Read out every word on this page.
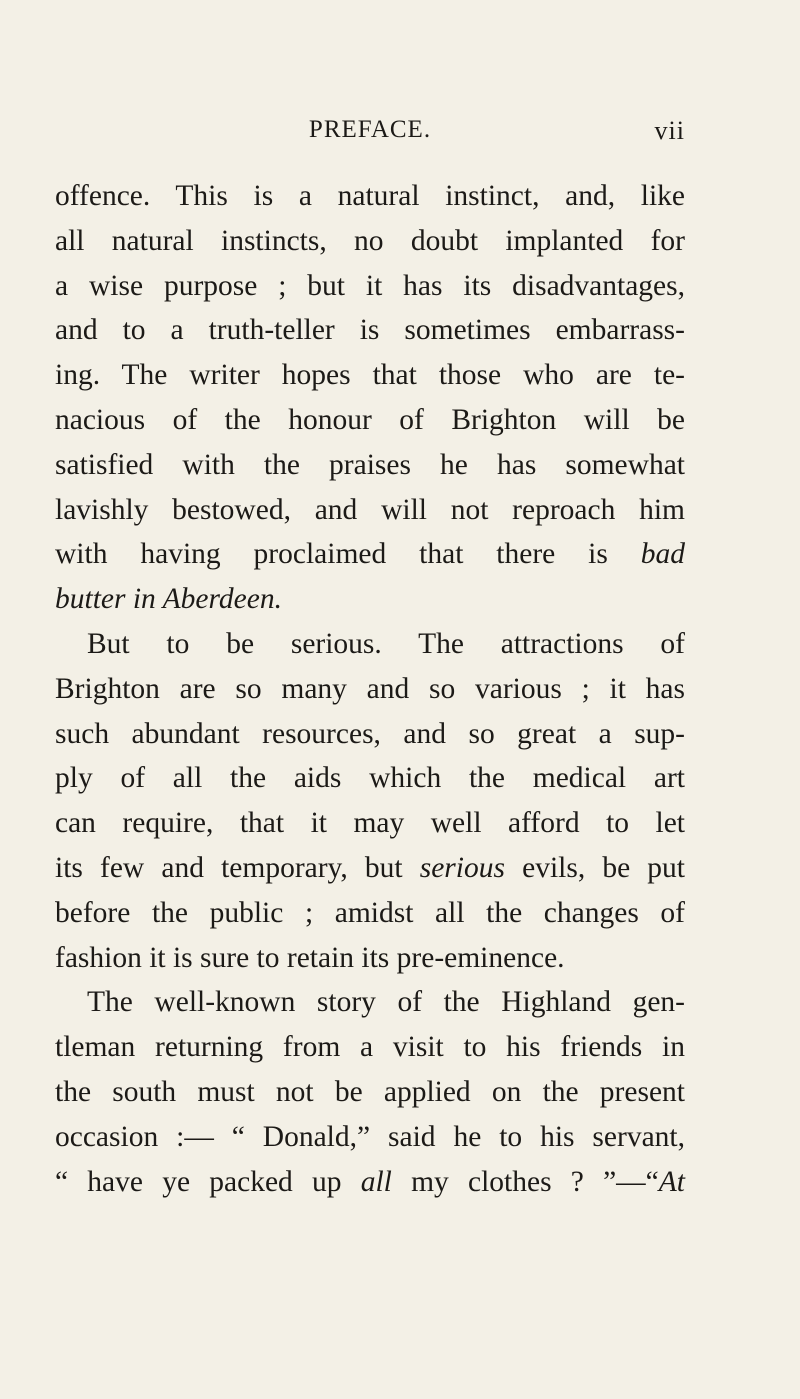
PREFACE.	vii
offence. This is a natural instinct, and, like
all natural instincts, no doubt implanted for
a wise purpose ; but it has its disadvantages,
and to a truth-teller is sometimes embarrass-
ing. The writer hopes that those who are te-
nacious of the honour of Brighton will be
satisfied with the praises he has somewhat
lavishly bestowed, and will not reproach him
with having proclaimed that there is bad
butter in Aberdeen.
But to be serious. The attractions of
Brighton are so many and so various ; it has
such abundant resources, and so great a sup-
ply of all the aids which the medical art
can require, that it may well afford to let
its few and temporary, but serious evils, be put
before the public ; amidst all the changes of
fashion it is sure to retain its pre-eminence.
The well-known story of the Highland gen-
tleman returning from a visit to his friends in
the south must not be applied on the present
occasion :— “ Donald,” said he to his servant,
“ have ye packed up all my clothes ? ”—“At
